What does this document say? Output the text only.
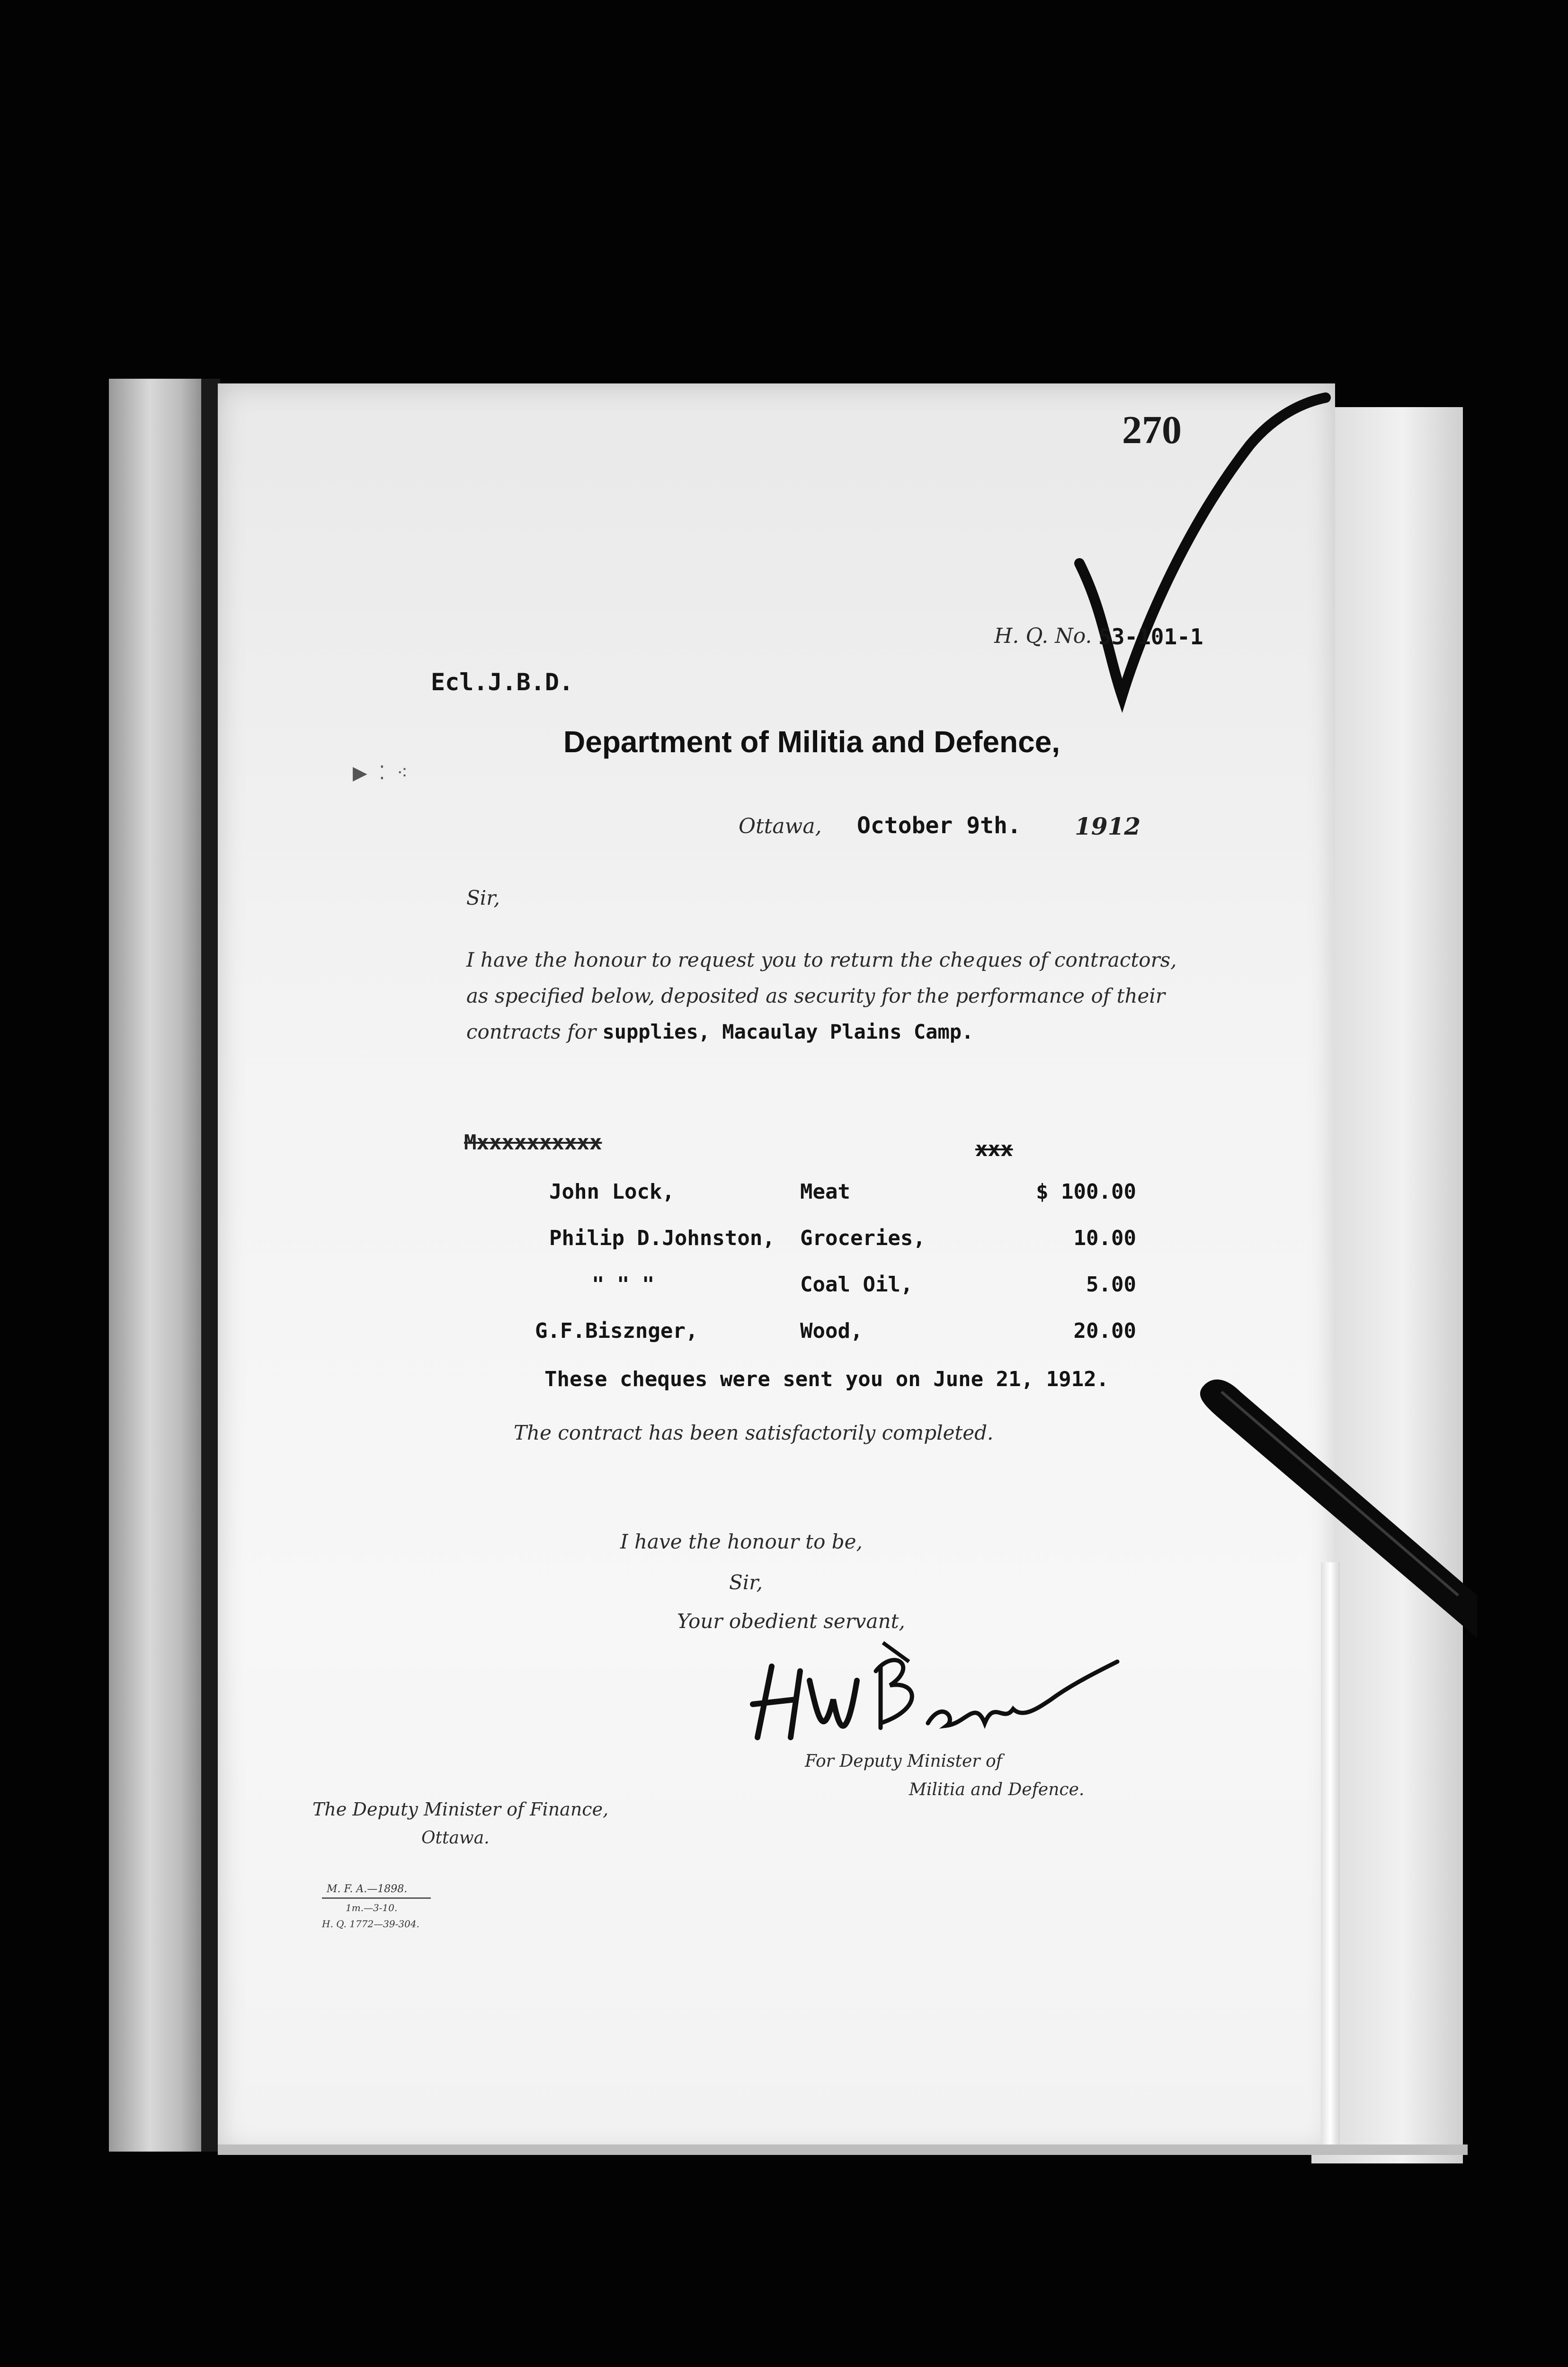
270
H. Q. No. 53-101-1
Ecl.J.B.D.
Department of Militia and Defence,
▶ ⁚ ⁖
Ottawa, October 9th. 1912
Sir,
I have the honour to request you to return the cheques of contractors, as specified below, deposited as security for the performance of their contracts for supplies, Macaulay Plains Camp.
Mxxxxxxxxxx	xxx
John Lock,	Meat	$ 100.00
Philip D.Johnston, Groceries,	10.00
" " "	Coal Oil,	5.00
G.F.Bisznger,	Wood,	20.00
These cheques were sent you on June 21, 1912.
The contract has been satisfactorily completed.
I have the honour to be,
Sir,
Your obedient servant,
For Deputy Minister of
Militia and Defence.
The Deputy Minister of Finance,
Ottawa.
M. F. A.—1898.
1m.—3-10.
H. Q. 1772—39-304.
